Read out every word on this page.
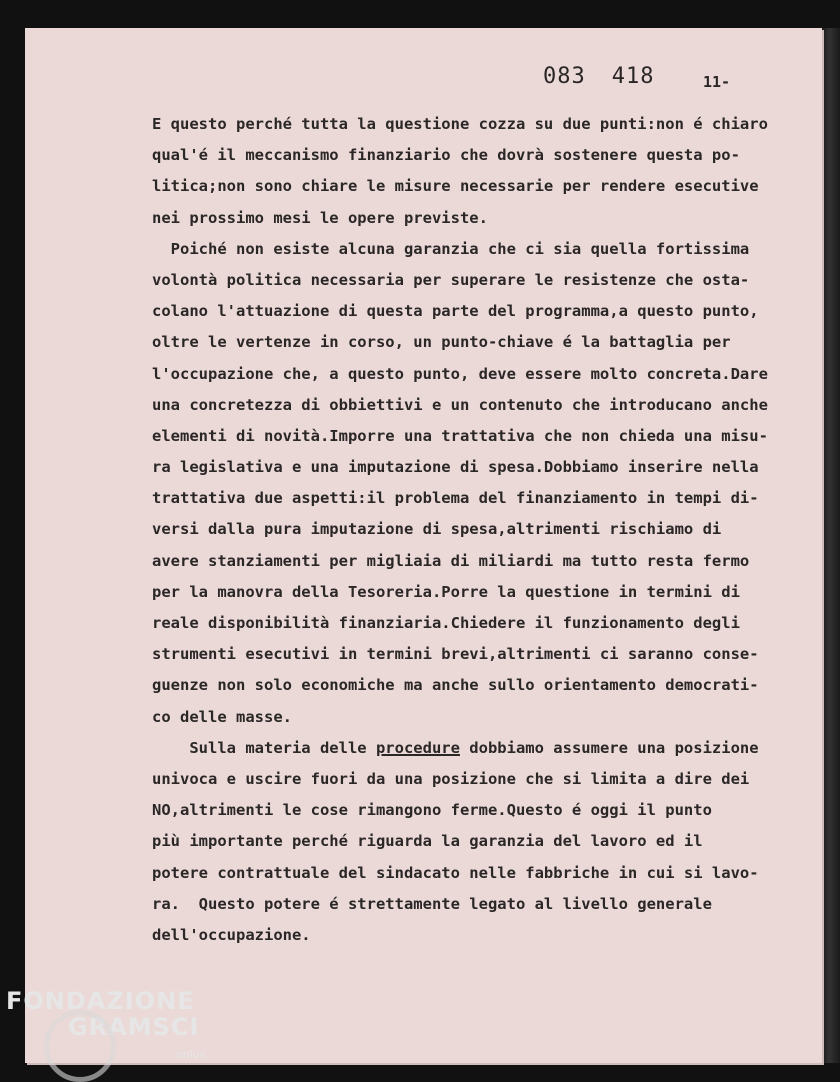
083 418	11-
E questo perché tutta la questione cozza su due punti:non é chiaro
qual'é il meccanismo finanziario che dovrà sostenere questa po-
litica;non sono chiare le misure necessarie per rendere esecutive
nei prossimo mesi le opere previste.
Poiché non esiste alcuna garanzia che ci sia quella fortissima
volontà politica necessaria per superare le resistenze che osta-
colano l'attuazione di questa parte del programma,a questo punto,
oltre le vertenze in corso, un punto-chiave é la battaglia per
l'occupazione che, a questo punto, deve essere molto concreta.Dare
una concretezza di obbiettivi e un contenuto che introducano anche
elementi di novità.Imporre una trattativa che non chieda una misu-
ra legislativa e una imputazione di spesa.Dobbiamo inserire nella
trattativa due aspetti:il problema del finanziamento in tempi di-
versi dalla pura imputazione di spesa,altrimenti rischiamo di
avere stanziamenti per migliaia di miliardi ma tutto resta fermo
per la manovra della Tesoreria.Porre la questione in termini di
reale disponibilità finanziaria.Chiedere il funzionamento degli
strumenti esecutivi in termini brevi,altrimenti ci saranno conse-
guenze non solo economiche ma anche sullo orientamento democrati-
co delle masse.
Sulla materia delle procedure dobbiamo assumere una posizione
univoca e uscire fuori da una posizione che si limita a dire dei
NO,altrimenti le cose rimangono ferme.Questo é oggi il punto
più importante perché riguarda la garanzia del lavoro ed il
potere contrattuale del sindacato nelle fabbriche in cui si lavo-
ra.  Questo potere é strettamente legato al livello generale
dell'occupazione.
FONDAZIONE
GRAMSCI
onlus
